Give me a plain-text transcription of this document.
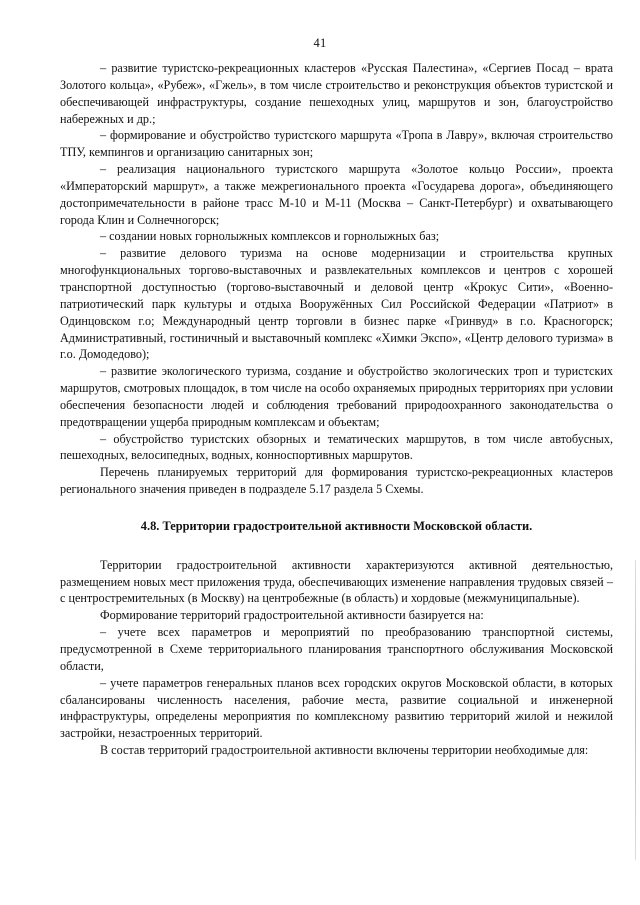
41

– развитие туристско-рекреационных кластеров «Русская Палестина», «Сергиев Посад – врата Золотого кольца», «Рубеж», «Гжель», в том числе строительство и реконструкция объектов туристской и обеспечивающей инфраструктуры, создание пешеходных улиц, маршрутов и зон, благоустройство набережных и др.;

– формирование и обустройство туристского маршрута «Тропа в Лавру», включая строительство ТПУ, кемпингов и организацию санитарных зон;

– реализация национального туристского маршрута «Золотое кольцо России», проекта «Императорский маршрут», а также межрегионального проекта «Государева дорога», объединяющего достопримечательности в районе трасс М-10 и М-11 (Москва – Санкт-Петербург) и охватывающего города Клин и Солнечногорск;

– создании новых горнолыжных комплексов и горнолыжных баз;

– развитие делового туризма на основе модернизации и строительства крупных многофункциональных торгово-выставочных и развлекательных комплексов и центров с хорошей транспортной доступностью (торгово-выставочный и деловой центр «Крокус Сити», «Военно-патриотический парк культуры и отдыха Вооружённых Сил Российской Федерации «Патриот» в Одинцовском г.о; Международный центр торговли в бизнес парке «Гринвуд» в г.о. Красногорск; Административный, гостиничный и выставочный комплекс «Химки Экспо», «Центр делового туризма» в г.о. Домодедово);

– развитие экологического туризма, создание и обустройство экологических троп и туристских маршрутов, смотровых площадок, в том числе на особо охраняемых природных территориях при условии обеспечения безопасности людей и соблюдения требований природоохранного законодательства о предотвращении ущерба природным комплексам и объектам;

– обустройство туристских обзорных и тематических маршрутов, в том числе автобусных, пешеходных, велосипедных, водных, конноспортивных маршрутов.

Перечень планируемых территорий для формирования туристско-рекреационных кластеров регионального значения приведен в подразделе 5.17 раздела 5 Схемы.

4.8. Территории градостроительной активности Московской области.

Территории градостроительной активности характеризуются активной деятельностью, размещением новых мест приложения труда, обеспечивающих изменение направления трудовых связей – с центростремительных (в Москву) на центробежные (в область) и хордовые (межмуниципальные).

Формирование территорий градостроительной активности базируется на:

– учете всех параметров и мероприятий по преобразованию транспортной системы, предусмотренной в Схеме территориального планирования транспортного обслуживания Московской области,

– учете параметров генеральных планов всех городских округов Московской области, в которых сбалансированы численность населения, рабочие места, развитие социальной и инженерной инфраструктуры, определены мероприятия по комплексному развитию территорий жилой и нежилой застройки, незастроенных территорий.

В состав территорий градостроительной активности включены территории необходимые для:
